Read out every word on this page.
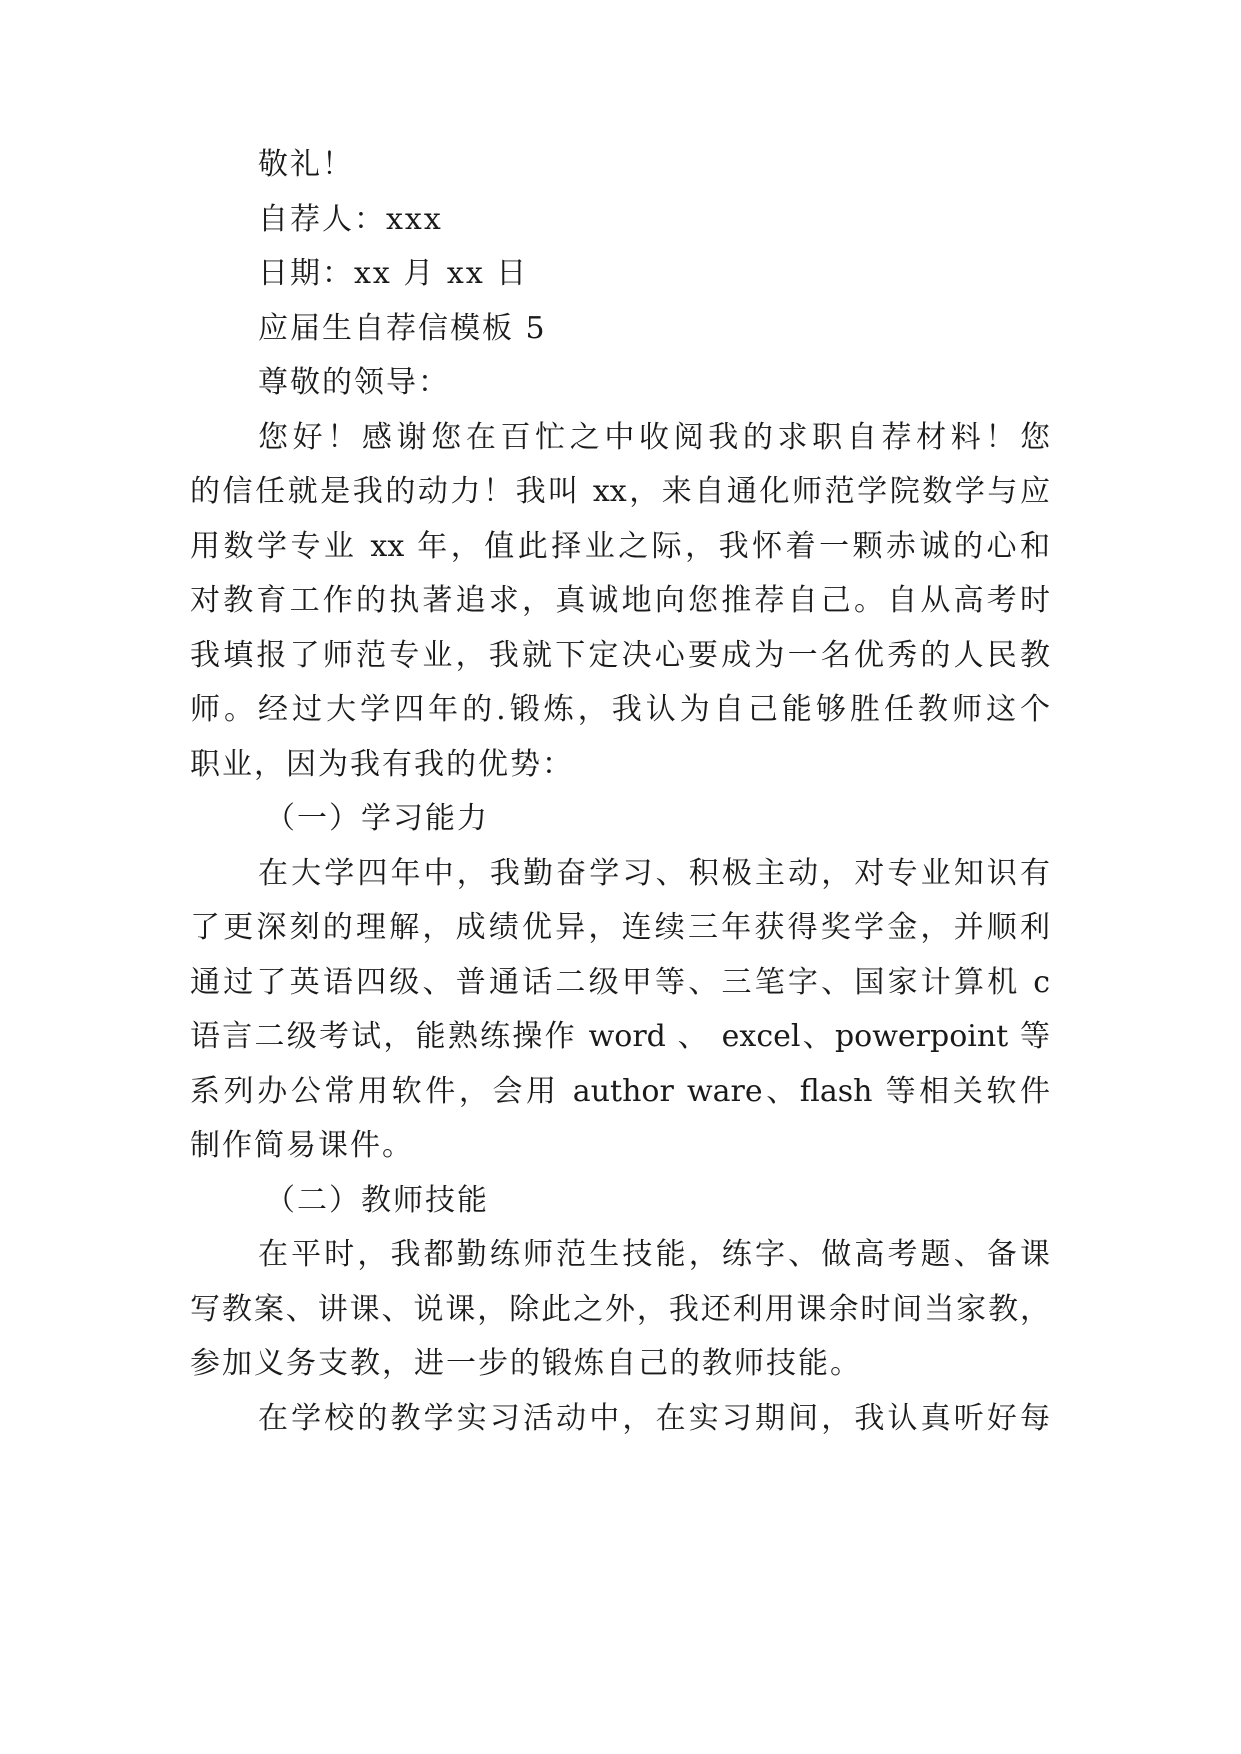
敬礼！
自荐人：xxx
日期：xx 月 xx 日
应届生自荐信模板 5
尊敬的领导：
您好！感谢您在百忙之中收阅我的求职自荐材料！您
的信任就是我的动力！我叫 xx，来自通化师范学院数学与应
用数学专业 xx 年，值此择业之际，我怀着一颗赤诚的心和
对教育工作的执著追求，真诚地向您推荐自己。自从高考时
我填报了师范专业，我就下定决心要成为一名优秀的人民教
师。经过大学四年的.锻炼，我认为自己能够胜任教师这个
职业，因为我有我的优势：
（一）学习能力
在大学四年中，我勤奋学习、积极主动，对专业知识有
了更深刻的理解，成绩优异，连续三年获得奖学金，并顺利
通过了英语四级、普通话二级甲等、三笔字、国家计算机 c
语言二级考试，能熟练操作 word 、 excel、powerpoint 等
系列办公常用软件，会用 author ware、flash 等相关软件
制作简易课件。
（二）教师技能
在平时，我都勤练师范生技能，练字、做高考题、备课
写教案、讲课、说课，除此之外，我还利用课余时间当家教，
参加义务支教，进一步的锻炼自己的教师技能。
在学校的教学实习活动中，在实习期间，我认真听好每
